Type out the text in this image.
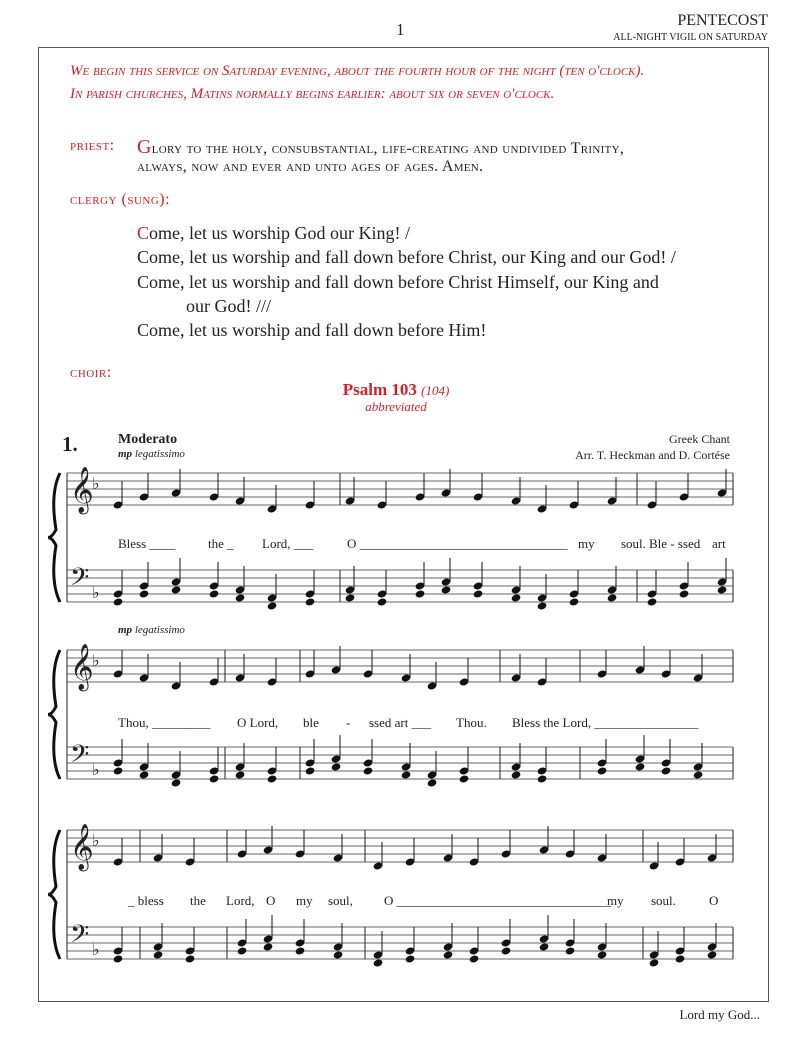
1	PENTECOST
ALL-NIGHT VIGIL ON SATURDAY
We begin this service on Saturday evening, about the fourth hour of the night (ten o'clock).
In parish churches, Matins normally begins earlier: about six or seven o'clock.
priest: Glory to the holy, consubstantial, life-creating and undivided Trinity,
always, now and ever and unto ages of ages. Amen.
clergy (sung):
Come, let us worship God our King! /
Come, let us worship and fall down before Christ, our King and our God! /
Come, let us worship and fall down before Christ Himself, our King and
our God! ///
Come, let us worship and fall down before Him!
choir:
Psalm 103 (104)
abbreviated
1.	Moderato
mp legatissimo
mp legatissimo
Greek Chant
Arr. T. Heckman and D. Cortése
𝄞
♭
𝄢 ♭
𝄞
♭
𝄢 ♭
𝄞
♭
𝄢 ♭
Bless ____	the _ Lord, ___	O ________________________________ my soul. Ble - ssed art
Thou, _________ O Lord, ble - ssed art ___ Thou. Bless the Lord, ________________
_ bless the Lord, O my soul, O _________________________________
my soul.	O
Lord my God...
